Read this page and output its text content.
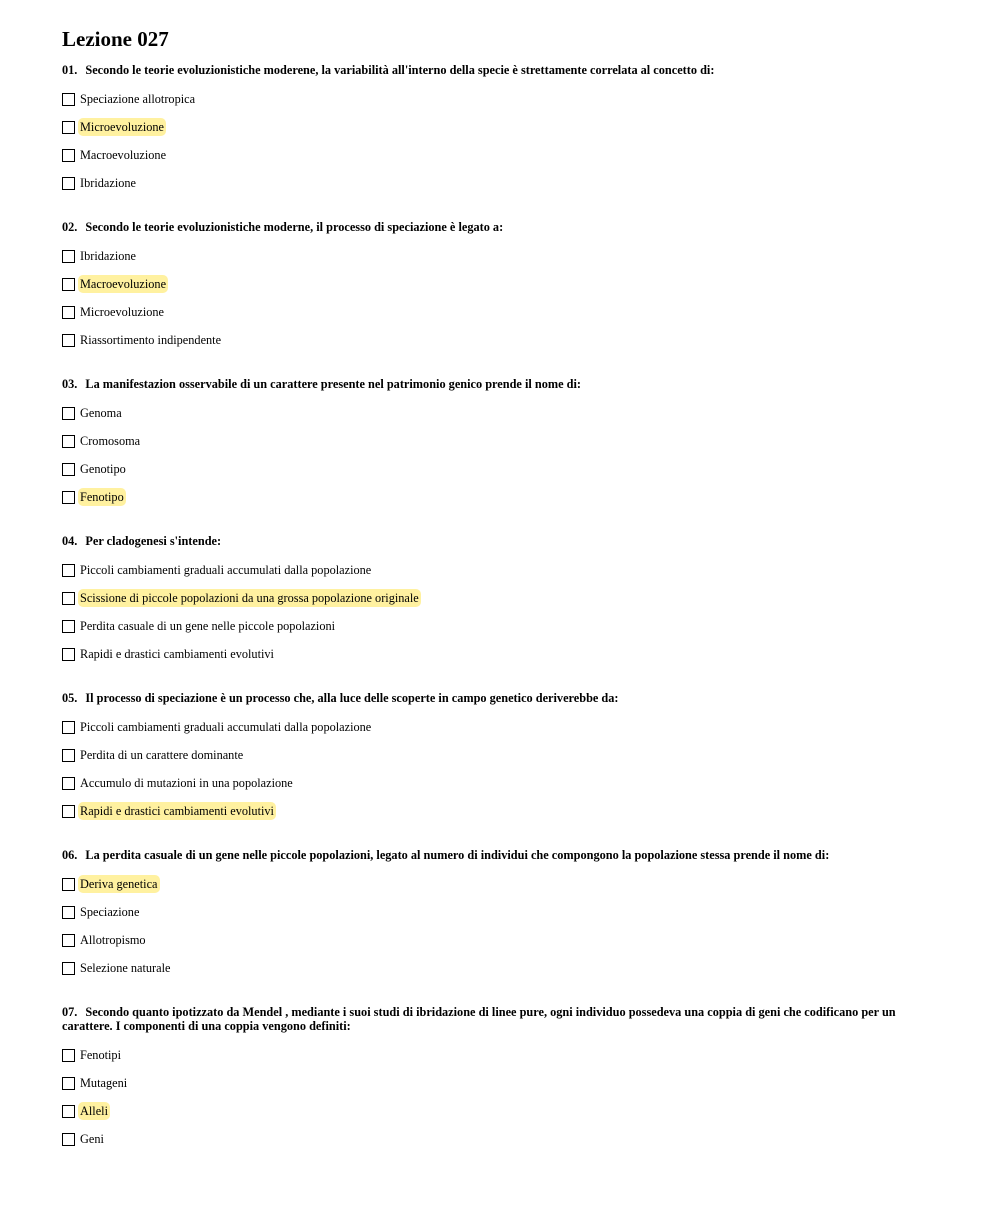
Lezione 027
01. Secondo le teorie evoluzionistiche moderene, la variabilità all'interno della specie è strettamente correlata al concetto di:
Speciazione allotropica
Microevoluzione
Macroevoluzione
Ibridazione
02. Secondo le teorie evoluzionistiche moderne, il processo di speciazione è legato a:
Ibridazione
Macroevoluzione
Microevoluzione
Riassortimento indipendente
03. La manifestazion osservabile di un carattere presente nel patrimonio genico prende il nome di:
Genoma
Cromosoma
Genotipo
Fenotipo
04. Per cladogenesi s'intende:
Piccoli cambiamenti graduali accumulati dalla popolazione
Scissione di piccole popolazioni da una grossa popolazione originale
Perdita casuale di un gene nelle piccole popolazioni
Rapidi e drastici cambiamenti evolutivi
05. Il processo di speciazione è un processo che, alla luce delle scoperte in campo genetico deriverebbe da:
Piccoli cambiamenti graduali accumulati dalla popolazione
Perdita di un carattere dominante
Accumulo di mutazioni in una popolazione
Rapidi e drastici cambiamenti evolutivi
06. La perdita casuale di un gene nelle piccole popolazioni, legato al numero di individui che compongono la popolazione stessa prende il nome di:
Deriva genetica
Speciazione
Allotropismo
Selezione naturale
07. Secondo quanto ipotizzato da Mendel , mediante i suoi studi di ibridazione di linee pure, ogni individuo possedeva una coppia di geni che codificano per un carattere. I componenti di una coppia vengono definiti:
Fenotipi
Mutageni
Alleli
Geni
